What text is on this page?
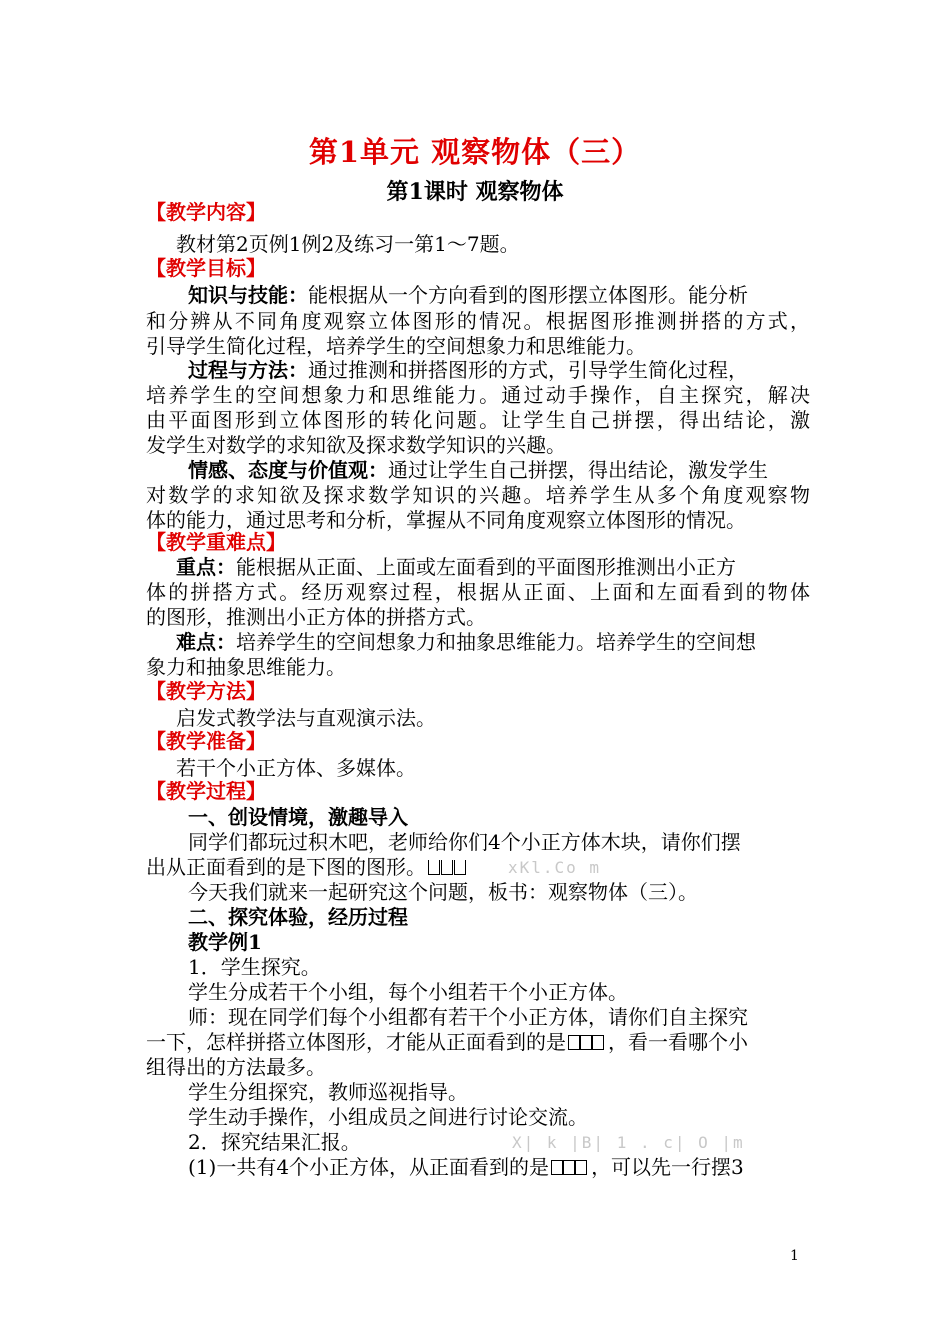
第1单元 观察物体（三）
第1课时 观察物体
【教学内容】
教材第2页例1例2及练习一第1～7题。
【教学目标】
知识与技能：能根据从一个方向看到的图形摆立体图形。能分析
和分辨从不同角度观察立体图形的情况。根据图形推测拼搭的方式，
引导学生简化过程，培养学生的空间想象力和思维能力。
过程与方法：通过推测和拼搭图形的方式，引导学生简化过程，
培养学生的空间想象力和思维能力。通过动手操作，自主探究，解决
由平面图形到立体图形的转化问题。让学生自己拼摆，得出结论，激
发学生对数学的求知欲及探求数学知识的兴趣。
情感、态度与价值观：通过让学生自己拼摆，得出结论，激发学生
对数学的求知欲及探求数学知识的兴趣。培养学生从多个角度观察物
体的能力，通过思考和分析，掌握从不同角度观察立体图形的情况。
【教学重难点】
重点：能根据从正面、上面或左面看到的平面图形推测出小正方
体的拼搭方式。经历观察过程，根据从正面、上面和左面看到的物体
的图形，推测出小正方体的拼搭方式。
难点：培养学生的空间想象力和抽象思维能力。培养学生的空间想
象力和抽象思维能力。
【教学方法】
启发式教学法与直观演示法。
【教学准备】
若干个小正方体、多媒体。
【教学过程】
一、创设情境，激趣导入
同学们都玩过积木吧，老师给你们4个小正方体木块，请你们摆
出从正面看到的是下图的图形。	xKl.Co m
今天我们就来一起研究这个问题，板书：观察物体（三）。
二、探究体验，经历过程
教学例1
1．学生探究。
学生分成若干个小组，每个小组若干个小正方体。
师：现在同学们每个小组都有若干个小正方体，请你们自主探究
一下，怎样拼搭立体图形，才能从正面看到的是 ，看一看哪个小
组得出的方法最多。
学生分组探究，教师巡视指导。
学生动手操作，小组成员之间进行讨论交流。
2．探究结果汇报。	X| k |B| 1 . c| O |m
(1)一共有4个小正方体，从正面看到的是 ，可以先一行摆3
1
